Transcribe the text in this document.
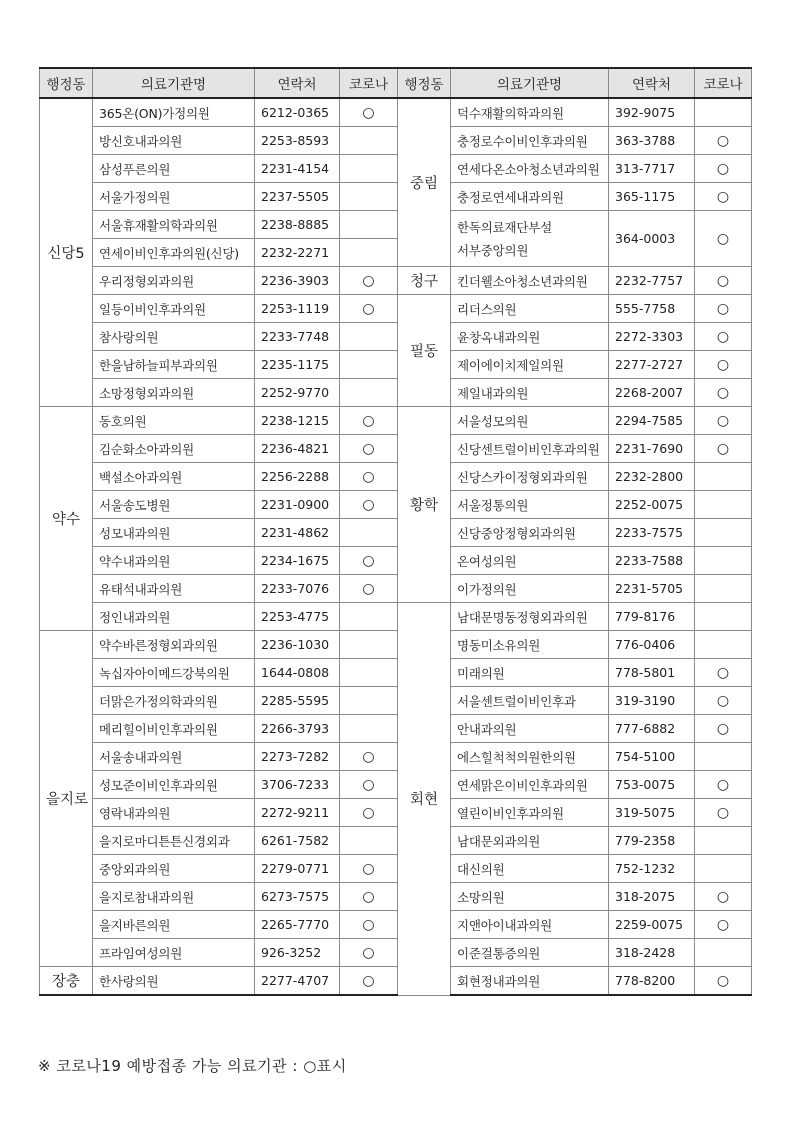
행정동	의료기관명	연락처	코로나	행정동	의료기관명	연락처	코로나
신당5	365온(ON)가정의원	6212-0365	○	중림	덕수재활의학과의원	392-9075	
	방신호내과의원	2253-8593			충정로수이비인후과의원	363-3788	○
	삼성푸른의원	2231-4154			연세다온소아청소년과의원	313-7717	○
	서울가정의원	2237-5505			충정로연세내과의원	365-1175	○
	서울휴재활의학과의원	2238-8885			한독의료재단부설
서부중앙의원	364-0003	○
	연세이비인후과의원(신당)	2232-2271					
	우리정형외과의원	2236-3903	○	청구	킨더웰소아청소년과의원	2232-7757	○
	일등이비인후과의원	2253-1119	○	필동	리더스의원	555-7758	○
	참사랑의원	2233-7748			윤창옥내과의원	2272-3303	○
	한을남하늘피부과의원	2235-1175			제이에이치제일의원	2277-2727	○
	소망정형외과의원	2252-9770			제일내과의원	2268-2007	○
약수	동호의원	2238-1215	○	황학	서울성모의원	2294-7585	○
	김순화소아과의원	2236-4821	○		신당센트럴이비인후과의원	2231-7690	○
	백설소아과의원	2256-2288	○		신당스카이정형외과의원	2232-2800	
	서울송도병원	2231-0900	○		서울정통의원	2252-0075	
	성모내과의원	2231-4862			신당중앙정형외과의원	2233-7575	
	약수내과의원	2234-1675	○		온여성의원	2233-7588	
	유태석내과의원	2233-7076	○		이가정의원	2231-5705	
	정인내과의원	2253-4775		회현	남대문명동정형외과의원	779-8176	
을지로	약수바른정형외과의원	2236-1030			명동미소유의원	776-0406	
	녹십자아이메드강북의원	1644-0808			미래의원	778-5801	○
	더맑은가정의학과의원	2285-5595			서울센트럴이비인후과	319-3190	○
	메리힐이비인후과의원	2266-3793			안내과의원	777-6882	○
	서울송내과의원	2273-7282	○		에스힐척척의원한의원	754-5100	
	성모준이비인후과의원	3706-7233	○		연세맑은이비인후과의원	753-0075	○
	영락내과의원	2272-9211	○		열린이비인후과의원	319-5075	○
	을지로마디튼튼신경외과	6261-7582			남대문외과의원	779-2358	
	중앙외과의원	2279-0771	○		대신의원	752-1232	
	을지로참내과의원	6273-7575	○		소망의원	318-2075	○
	을지바른의원	2265-7770	○		지앤아이내과의원	2259-0075	○
	프라임여성의원	926-3252	○		이준걸통증의원	318-2428	
장충	한사랑의원	2277-4707	○		회현정내과의원	778-8200	○
※ 코로나19 예방접종 가능 의료기관 : ○표시
